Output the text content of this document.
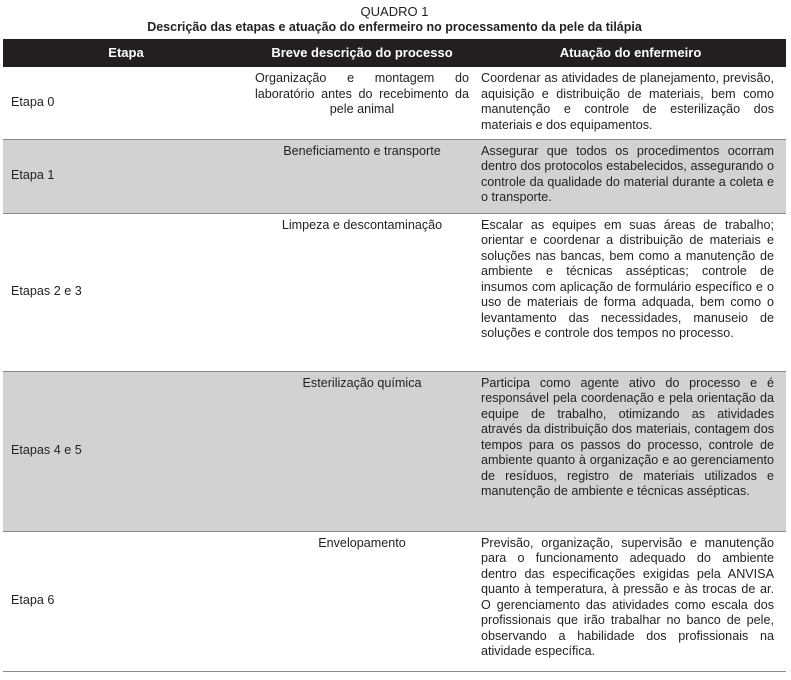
QUADRO 1
Descrição das etapas e atuação do enfermeiro no processamento da pele da tilápia
Etapa	Breve descrição do processo	Atuação do enfermeiro
Etapa 0	Organização e montagem do laboratório antes do recebimento da pele animal	Coordenar as atividades de planejamento, previsão, aquisição e distribuição de materiais, bem como manutenção e controle de esterilização dos materiais e dos equipamentos.
Etapa 1	Beneficiamento e transporte	Assegurar que todos os procedimentos ocorram dentro dos protocolos estabelecidos, assegurando o controle da qualidade do material durante a coleta e o transporte.
Etapas 2 e 3	Limpeza e descontaminação	Escalar as equipes em suas áreas de trabalho; orientar e coordenar a distribuição de materiais e soluções nas bancas, bem como a manutenção de ambiente e técnicas assépticas; controle de insumos com aplicação de formulário específico e o uso de materiais de forma adquada, bem como o levantamento das necessidades, manuseio de soluções e controle dos tempos no processo.
Etapas 4 e 5	Esterilização química	Participa como agente ativo do processo e é responsável pela coordenação e pela orientação da equipe de trabalho, otimizando as atividades através da distribuição dos materiais, contagem dos tempos para os passos do processo, controle de ambiente quanto à organização e ao gerenciamento de resíduos, registro de materiais utilizados e manutenção de ambiente e técnicas assépticas.
Etapa 6	Envelopamento	Previsão, organização, supervisão e manutenção para o funcionamento adequado do ambiente dentro das especificações exigidas pela ANVISA quanto à temperatura, à pressão e às trocas de ar. O gerenciamento das atividades como escala dos profissionais que irão trabalhar no banco de pele, observando a habilidade dos profissionais na atividade específica.
